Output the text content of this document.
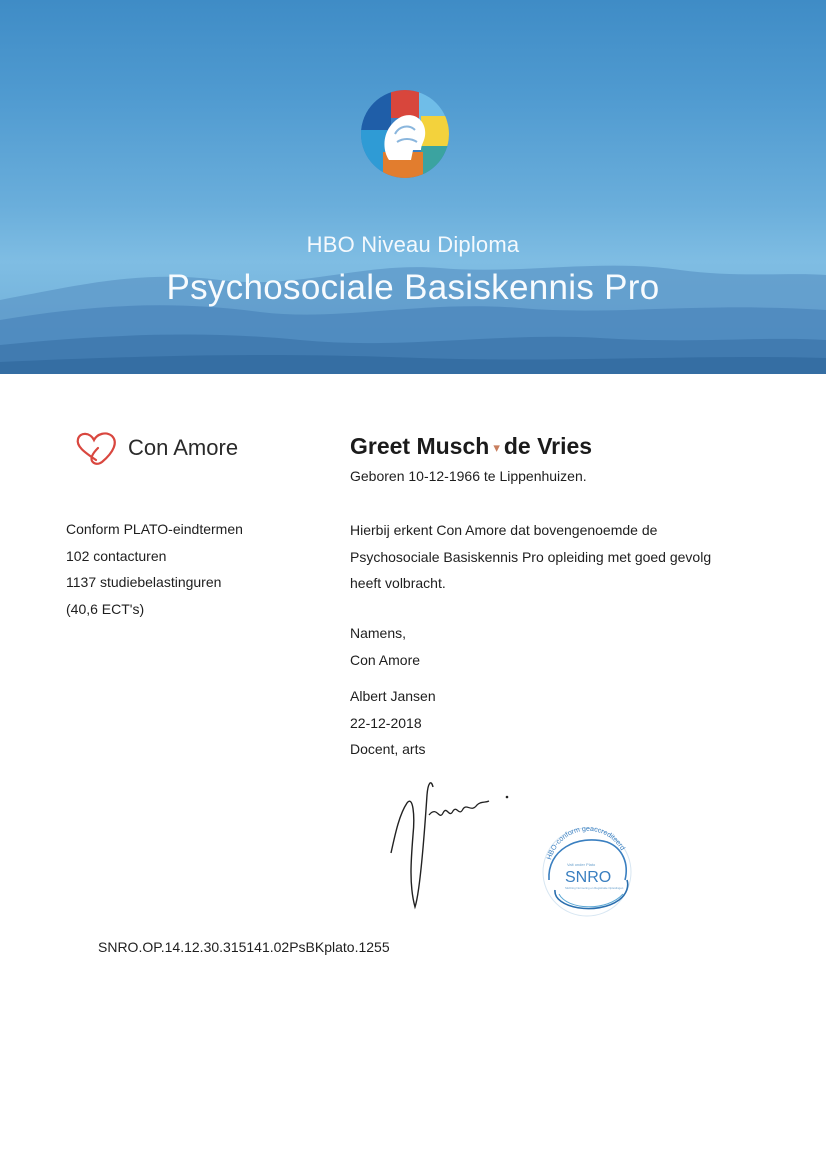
HBO Niveau Diploma
Psychosociale Basiskennis Pro
Con Amore
Conform PLATO-eindtermen
102 contacturen
1137 studiebelastinguren
(40,6 ECT's)
Greet Musch ▾ de Vries
Geboren 10-12-1966 te Lippenhuizen.
Hierbij erkent Con Amore dat bovengenoemde de
Psychosociale Basiskennis Pro opleiding met goed gevolg
heeft volbracht.
Namens,
Con Amore
Albert Jansen
22-12-2018
Docent, arts
HBO-conform geaccrediteerd
Valt onder Plato
SNRO
Stichting Normering en Registratie Opleidingen
SNRO.OP.14.12.30.315141.02PsBKplato.1255
